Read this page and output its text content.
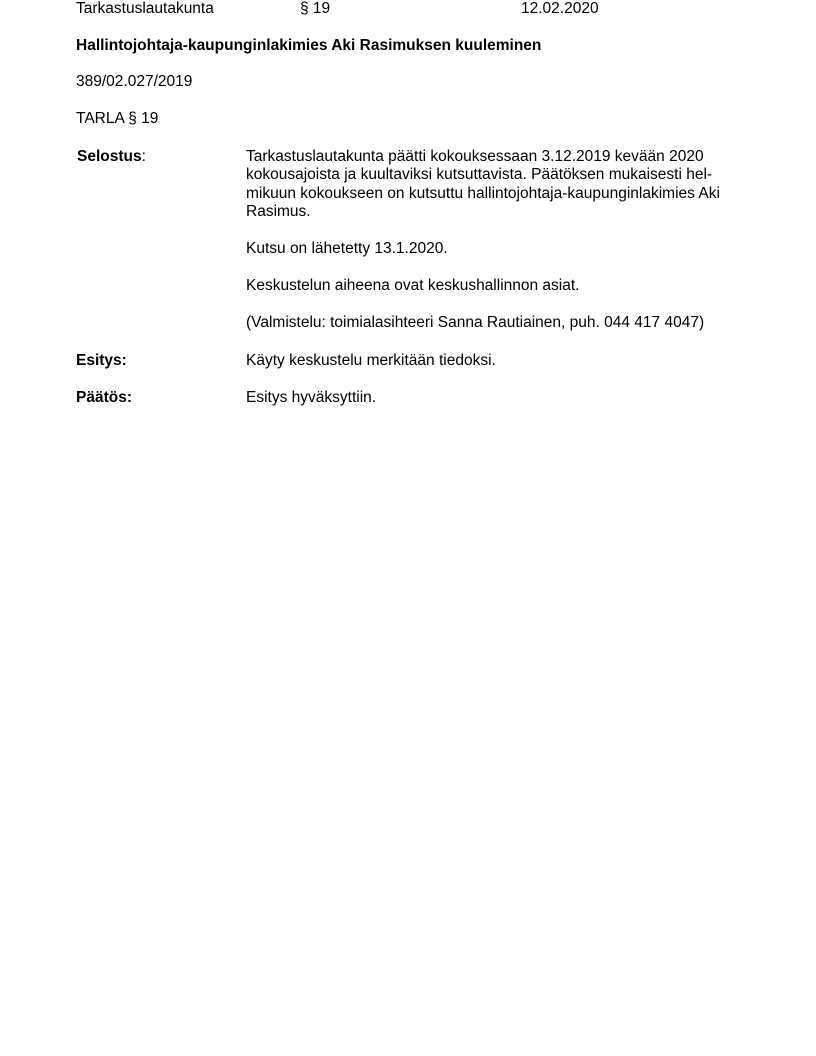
Tarkastuslautakunta	§ 19	12.02.2020
Hallintojohtaja-kaupunginlakimies Aki Rasimuksen kuuleminen
389/02.027/2019
TARLA § 19
Selostus:	Tarkastuslautakunta päätti kokouksessaan 3.12.2019 kevään 2020
kokousajoista ja kuultaviksi kutsuttavista. Päätöksen mukaisesti hel-
mikuun kokoukseen on kutsuttu hallintojohtaja-kaupunginlakimies Aki
Rasimus.
Kutsu on lähetetty 13.1.2020.
Keskustelun aiheena ovat keskushallinnon asiat.
(Valmistelu: toimialasihteeri Sanna Rautiainen, puh. 044 417 4047)
Esitys:	Käyty keskustelu merkitään tiedoksi.
Päätös:	Esitys hyväksyttiin.
